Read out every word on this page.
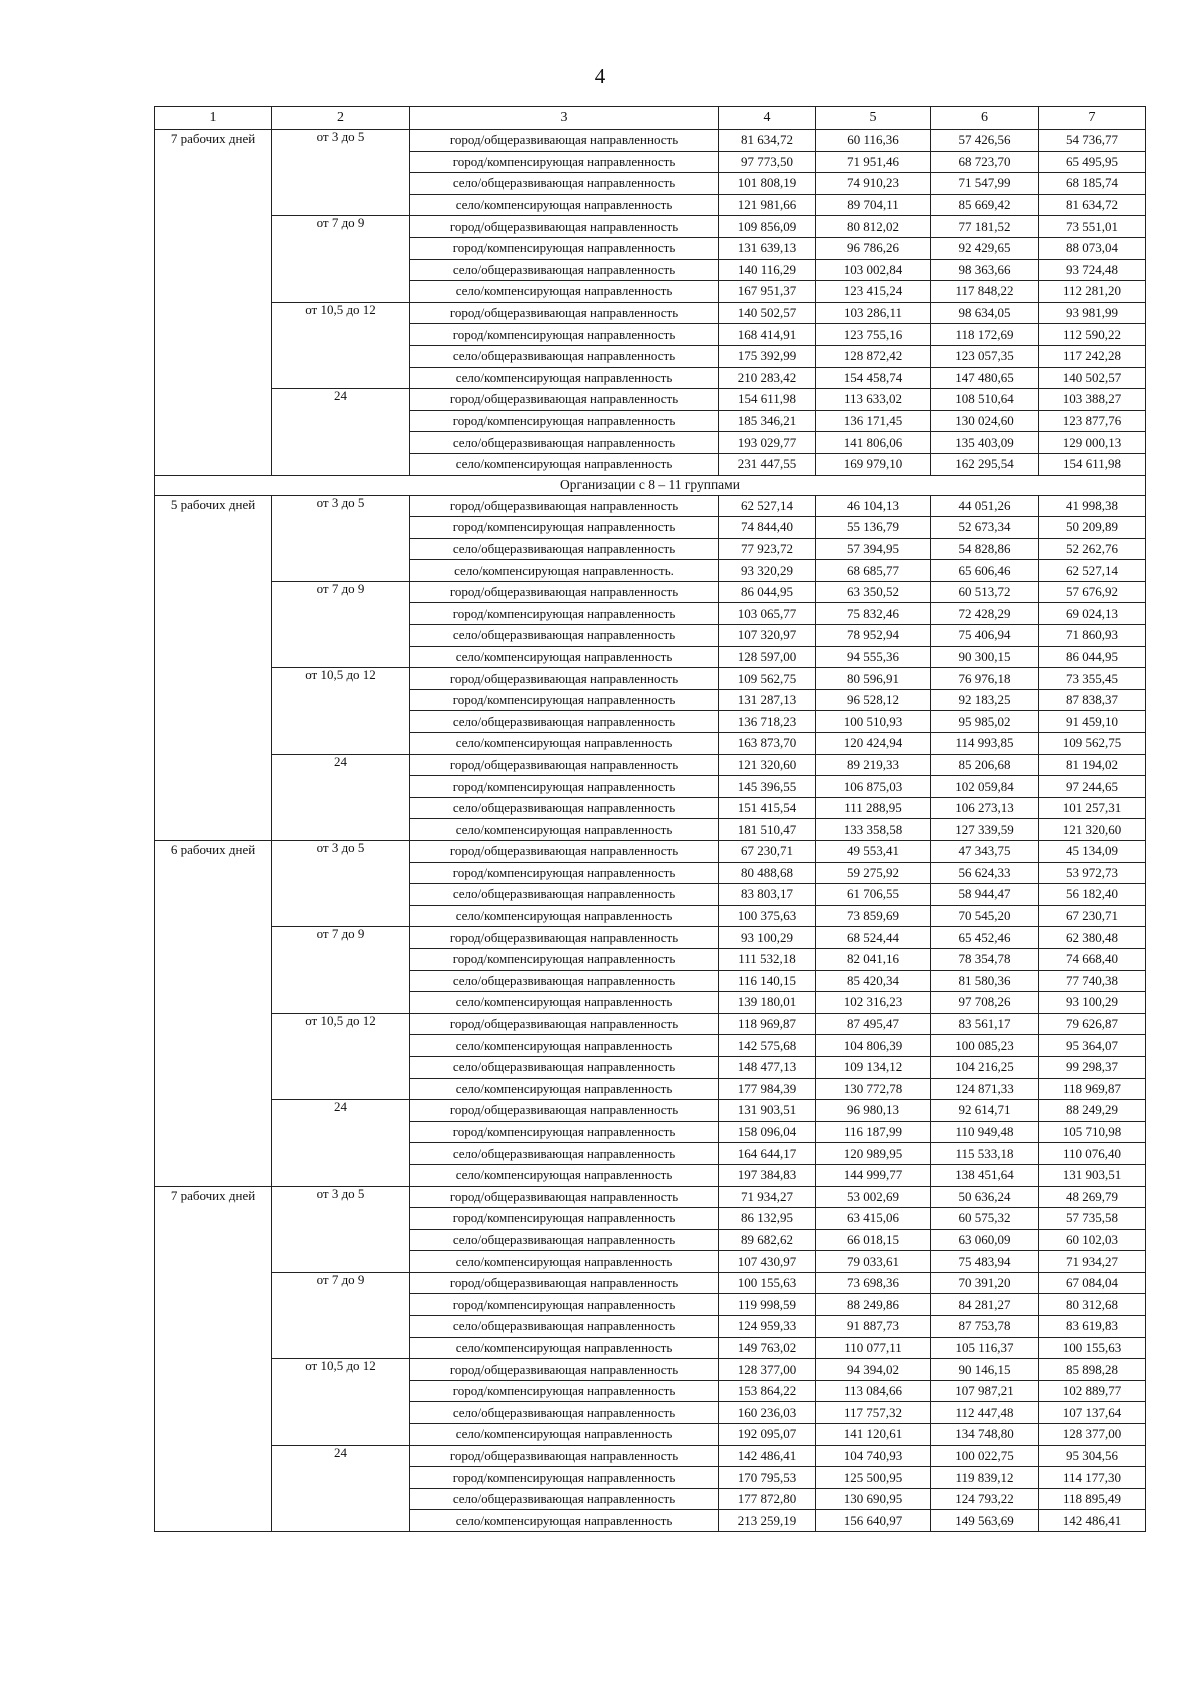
4
1	2	3	4	5	6	7
7 рабочих дней	от 3 до 5	город/общеразвивающая направленность	81 634,72	60 116,36	57 426,56	54 736,77
		город/компенсирующая направленность	97 773,50	71 951,46	68 723,70	65 495,95
		село/общеразвивающая направленность	101 808,19	74 910,23	71 547,99	68 185,74
		село/компенсирующая направленность	121 981,66	89 704,11	85 669,42	81 634,72
	от 7 до 9	город/общеразвивающая направленность	109 856,09	80 812,02	77 181,52	73 551,01
		город/компенсирующая направленность	131 639,13	96 786,26	92 429,65	88 073,04
		село/общеразвивающая направленность	140 116,29	103 002,84	98 363,66	93 724,48
		село/компенсирующая направленность	167 951,37	123 415,24	117 848,22	112 281,20
	от 10,5 до 12	город/общеразвивающая направленность	140 502,57	103 286,11	98 634,05	93 981,99
		город/компенсирующая направленность	168 414,91	123 755,16	118 172,69	112 590,22
		село/общеразвивающая направленность	175 392,99	128 872,42	123 057,35	117 242,28
		село/компенсирующая направленность	210 283,42	154 458,74	147 480,65	140 502,57
	24	город/общеразвивающая направленность	154 611,98	113 633,02	108 510,64	103 388,27
		город/компенсирующая направленность	185 346,21	136 171,45	130 024,60	123 877,76
		село/общеразвивающая направленность	193 029,77	141 806,06	135 403,09	129 000,13
		село/компенсирующая направленность	231 447,55	169 979,10	162 295,54	154 611,98
Организации с 8 – 11 группами						
5 рабочих дней	от 3 до 5	город/общеразвивающая направленность	62 527,14	46 104,13	44 051,26	41 998,38
		город/компенсирующая направленность	74 844,40	55 136,79	52 673,34	50 209,89
		село/общеразвивающая направленность	77 923,72	57 394,95	54 828,86	52 262,76
		село/компенсирующая направленность.	93 320,29	68 685,77	65 606,46	62 527,14
	от 7 до 9	город/общеразвивающая направленность	86 044,95	63 350,52	60 513,72	57 676,92
		город/компенсирующая направленность	103 065,77	75 832,46	72 428,29	69 024,13
		село/общеразвивающая направленность	107 320,97	78 952,94	75 406,94	71 860,93
		село/компенсирующая направленность	128 597,00	94 555,36	90 300,15	86 044,95
	от 10,5 до 12	город/общеразвивающая направленность	109 562,75	80 596,91	76 976,18	73 355,45
		город/компенсирующая направленность	131 287,13	96 528,12	92 183,25	87 838,37
		село/общеразвивающая направленность	136 718,23	100 510,93	95 985,02	91 459,10
		село/компенсирующая направленность	163 873,70	120 424,94	114 993,85	109 562,75
	24	город/общеразвивающая направленность	121 320,60	89 219,33	85 206,68	81 194,02
		город/компенсирующая направленность	145 396,55	106 875,03	102 059,84	97 244,65
		село/общеразвивающая направленность	151 415,54	111 288,95	106 273,13	101 257,31
		село/компенсирующая направленность	181 510,47	133 358,58	127 339,59	121 320,60
6 рабочих дней	от 3 до 5	город/общеразвивающая направленность	67 230,71	49 553,41	47 343,75	45 134,09
		город/компенсирующая направленность	80 488,68	59 275,92	56 624,33	53 972,73
		село/общеразвивающая направленность	83 803,17	61 706,55	58 944,47	56 182,40
		село/компенсирующая направленность	100 375,63	73 859,69	70 545,20	67 230,71
	от 7 до 9	город/общеразвивающая направленность	93 100,29	68 524,44	65 452,46	62 380,48
		город/компенсирующая направленность	111 532,18	82 041,16	78 354,78	74 668,40
		село/общеразвивающая направленность	116 140,15	85 420,34	81 580,36	77 740,38
		село/компенсирующая направленность	139 180,01	102 316,23	97 708,26	93 100,29
	от 10,5 до 12	город/общеразвивающая направленность	118 969,87	87 495,47	83 561,17	79 626,87
		село/компенсирующая направленность	142 575,68	104 806,39	100 085,23	95 364,07
		село/общеразвивающая направленность	148 477,13	109 134,12	104 216,25	99 298,37
		село/компенсирующая направленность	177 984,39	130 772,78	124 871,33	118 969,87
	24	город/общеразвивающая направленность	131 903,51	96 980,13	92 614,71	88 249,29
		город/компенсирующая направленность	158 096,04	116 187,99	110 949,48	105 710,98
		село/общеразвивающая направленность	164 644,17	120 989,95	115 533,18	110 076,40
		село/компенсирующая направленность	197 384,83	144 999,77	138 451,64	131 903,51
7 рабочих дней	от 3 до 5	город/общеразвивающая направленность	71 934,27	53 002,69	50 636,24	48 269,79
		город/компенсирующая направленность	86 132,95	63 415,06	60 575,32	57 735,58
		село/общеразвивающая направленность	89 682,62	66 018,15	63 060,09	60 102,03
		село/компенсирующая направленность	107 430,97	79 033,61	75 483,94	71 934,27
	от 7 до 9	город/общеразвивающая направленность	100 155,63	73 698,36	70 391,20	67 084,04
		город/компенсирующая направленность	119 998,59	88 249,86	84 281,27	80 312,68
		село/общеразвивающая направленность	124 959,33	91 887,73	87 753,78	83 619,83
		село/компенсирующая направленность	149 763,02	110 077,11	105 116,37	100 155,63
	от 10,5 до 12	город/общеразвивающая направленность	128 377,00	94 394,02	90 146,15	85 898,28
		город/компенсирующая направленность	153 864,22	113 084,66	107 987,21	102 889,77
		село/общеразвивающая направленность	160 236,03	117 757,32	112 447,48	107 137,64
		село/компенсирующая направленность	192 095,07	141 120,61	134 748,80	128 377,00
	24	город/общеразвивающая направленность	142 486,41	104 740,93	100 022,75	95 304,56
		город/компенсирующая направленность	170 795,53	125 500,95	119 839,12	114 177,30
		село/общеразвивающая направленность	177 872,80	130 690,95	124 793,22	118 895,49
		село/компенсирующая направленность	213 259,19	156 640,97	149 563,69	142 486,41
